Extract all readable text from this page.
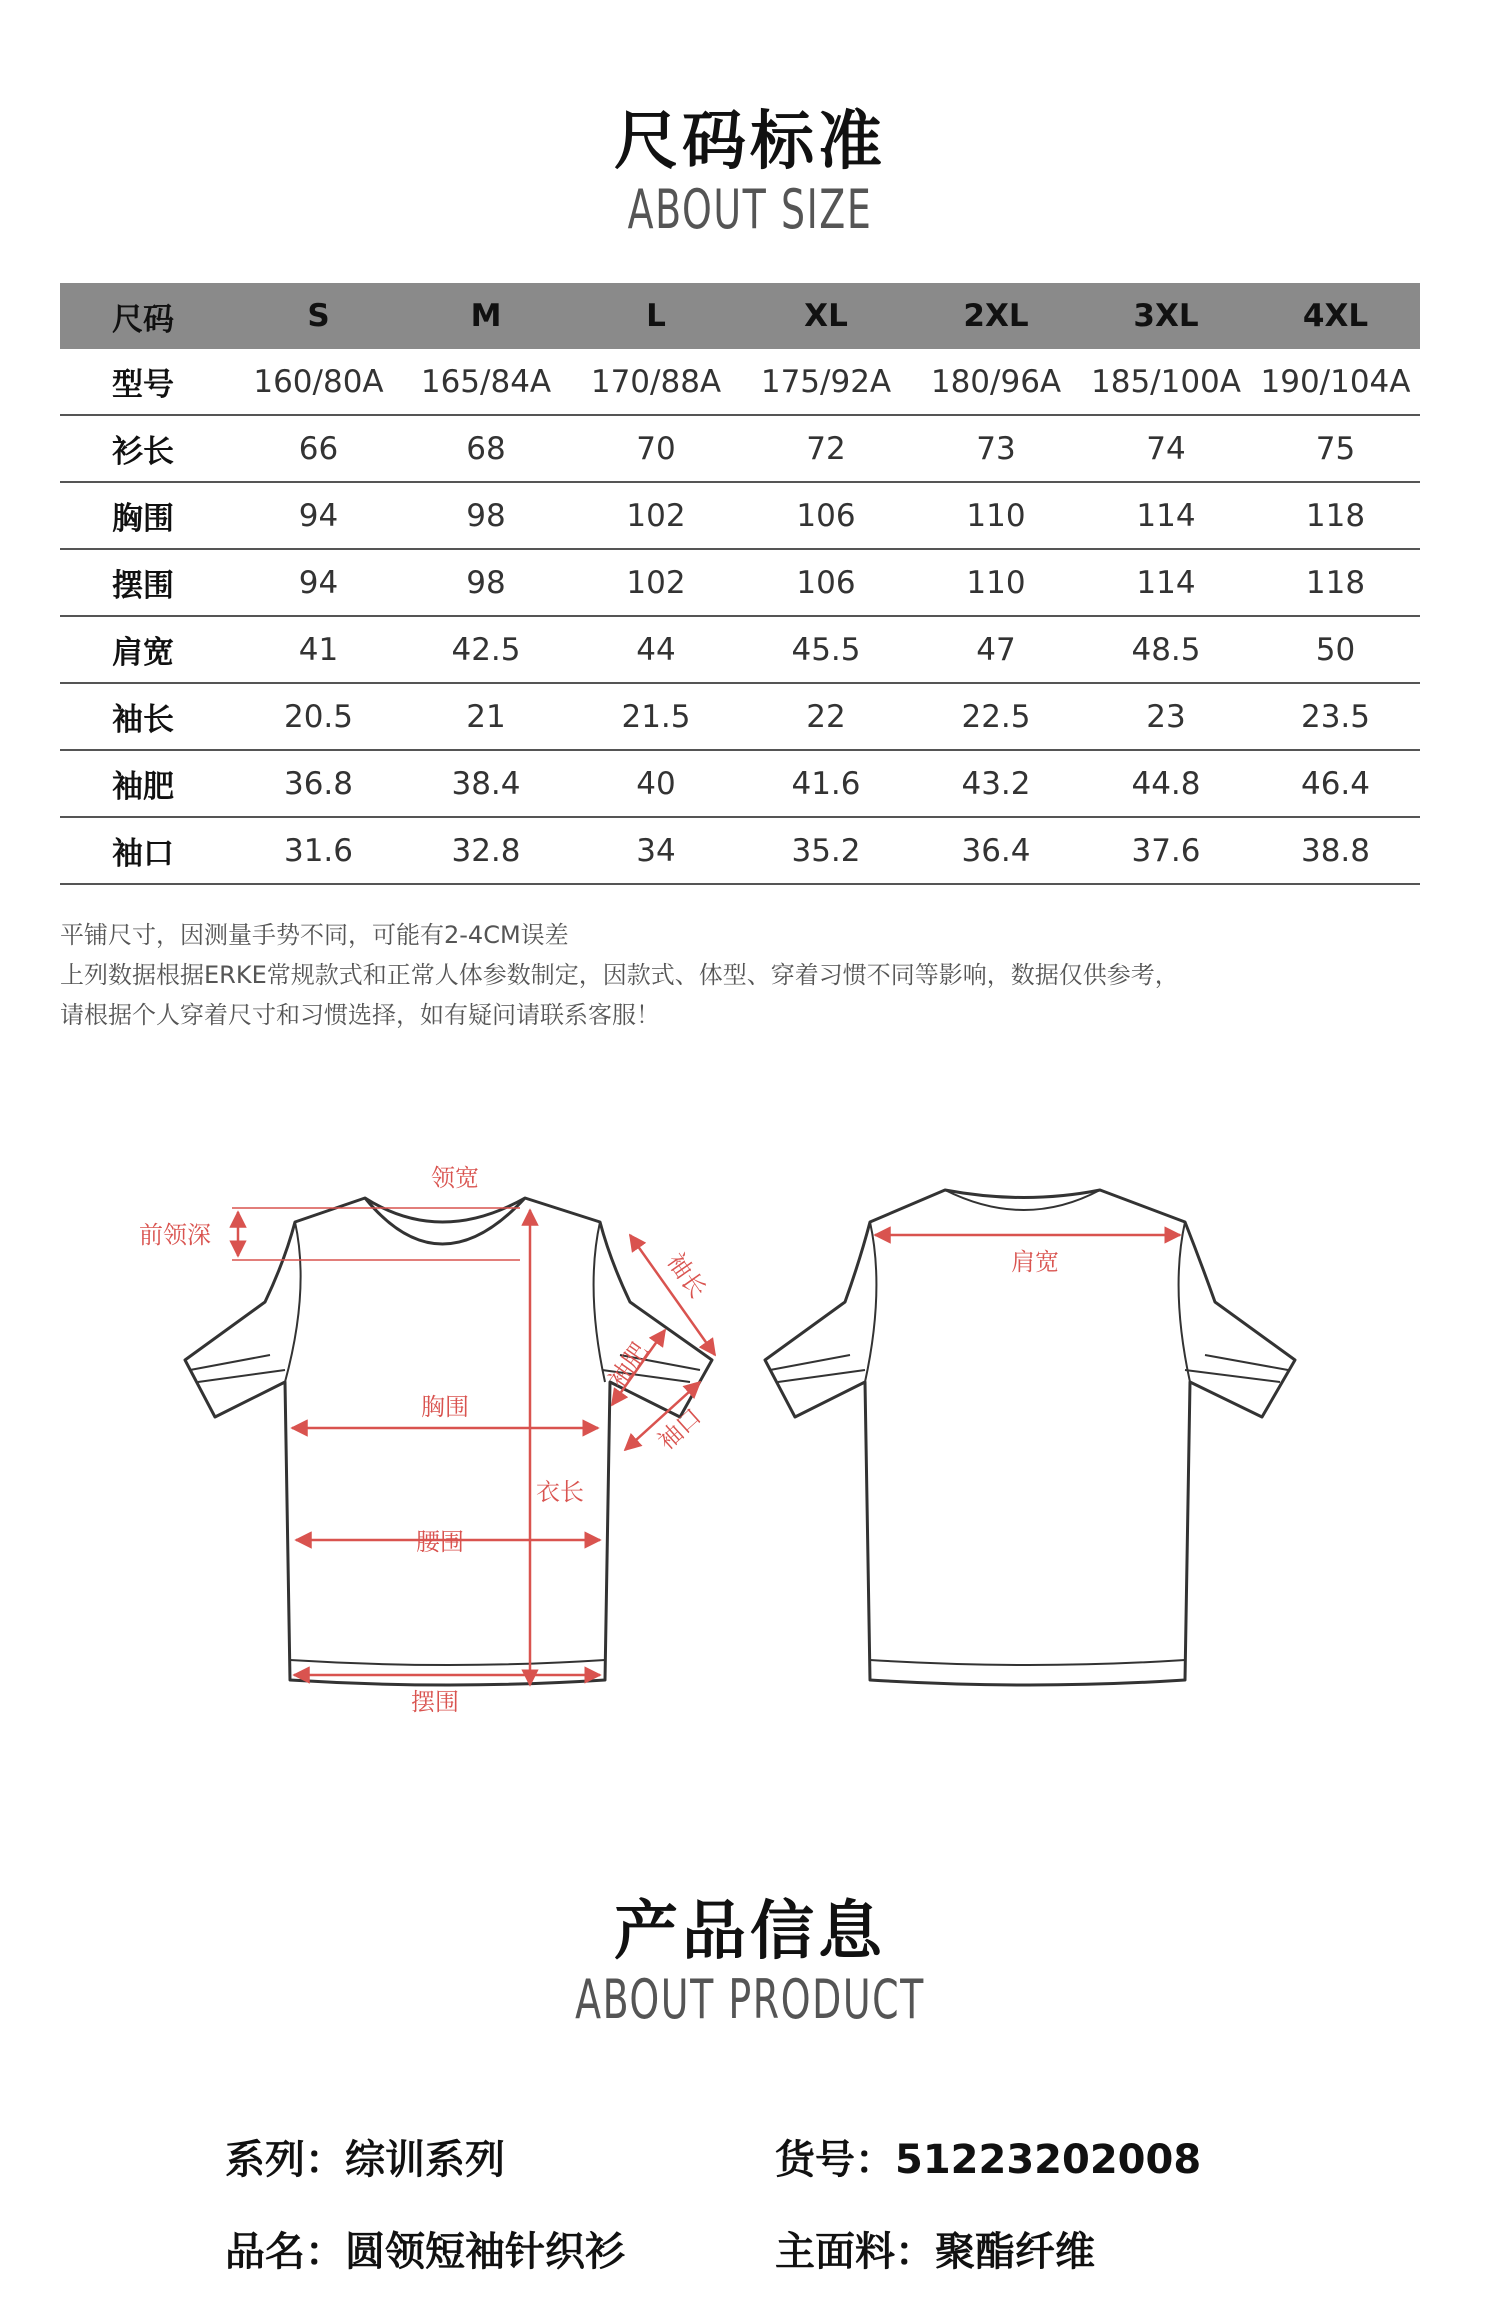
尺码标准
ABOUT SIZE
尺码	S	M	L	XL	2XL	3XL	4XL
型号	160/80A	165/84A	170/88A	175/92A	180/96A	185/100A	190/104A
衫长	66	68	70	72	73	74	75
胸围	94	98	102	106	110	114	118
摆围	94	98	102	106	110	114	118
肩宽	41	42.5	44	45.5	47	48.5	50
袖长	20.5	21	21.5	22	22.5	23	23.5
袖肥	36.8	38.4	40	41.6	43.2	44.8	46.4
袖口	31.6	32.8	34	35.2	36.4	37.6	38.8
平铺尺寸，因测量手势不同，可能有2-4CM误差
上列数据根据ERKE常规款式和正常人体参数制定，因款式、体型、穿着习惯不同等影响，数据仅供参考，
请根据个人穿着尺寸和习惯选择，如有疑问请联系客服！
领宽
前领深
袖长
袖肥
袖口
胸围
衣长
腰围
摆围
肩宽
产品信息
ABOUT PRODUCT
系列：综训系列	货号：51223202008
品名：圆领短袖针织衫	主面料：聚酯纤维
